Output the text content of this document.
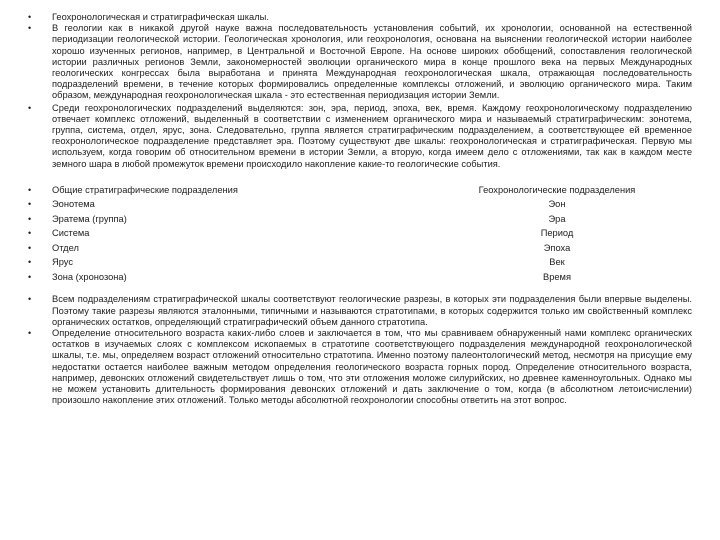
•	Геохронологическая и стратиграфическая шкалы.
•	В геологии как в никакой другой науке важна последовательность установления событий, их хронологии, основанной на естественной периодизации геологической истории. Геологическая хронология, или геохронология, основана на выяснении геологической истории наиболее хорошо изученных регионов, например, в Центральной и Восточной Европе. На основе широких обобщений, сопоставления геологической истории различных регионов Земли, закономерностей эволюции органического мира в конце прошлого века на первых Международных геологических конгрессах была выработана и принята Международная геохронологическая шкала, отражающая последовательность подразделений времени, в течение которых формировались определенные комплексы отложений, и эволюцию органического мира. Таким образом, международная геохронологическая шкала - это естественная периодизация истории Земли.
•	Среди геохронологических подразделений выделяются: зон, эра, период, эпоха, век, время. Каждому геохронологическому подразделению отвечает комплекс отложений, выделенный в соответствии с изменением органического мира и называемый стратиграфическим: зонотема, группа, система, отдел, ярус, зона. Следовательно, группа является стратиграфическим подразделением, а соответствующее ей временное геохронологическое подразделение представляет эра. Поэтому существуют две шкалы: геохронологическая и стратиграфическая. Первую мы используем, когда говорим об относительном времени в истории Земли, а вторую, когда имеем дело с отложениями, так как в каждом месте земного шара в любой промежуток времени происходило накопление какие-то геологические события.
•	Общие стратиграфические подразделения	Геохронологические подразделения
•	Эонотема	Эон
•	Эратема (группа)	Эра
•	Система	Период
•	Отдел	Эпоха
•	Ярус	Век
•	Зона (хронозона)	Время
•	Всем подразделениям стратиграфической шкалы соответствуют геологические разрезы, в которых эти подразделения были впервые выделены. Поэтому такие разрезы являются эталонными, типичными и называются стратотипами, в которых содержится только им свойственный комплекс органических остатков, определяющий стратиграфический объем данного стратотипа.
•	Определение относительного возраста каких-либо слоев и заключается в том, что мы сравниваем обнаруженный нами комплекс органических остатков в изучаемых слоях с комплексом ископаемых в стратотипе соответствующего подразделения международной геохронологической шкалы, т.е. мы, определяем возраст отложений относительно стратотипа. Именно поэтому палеонтологический метод, несмотря на присущие ему недостатки остается наиболее важным методом определения геологического возраста горных пород. Определение относительного возраста, например, девонских отложений свидетельствует лишь о том, что эти отложения моложе силурийских, но древнее каменноугольных. Однако мы не можем установить длительность формирования девонских отложений и дать заключение о том, когда (в абсолютном летоисчислении) произошло накопление этих отложений. Только методы абсолютной геохронологии способны ответить на этот вопрос.
